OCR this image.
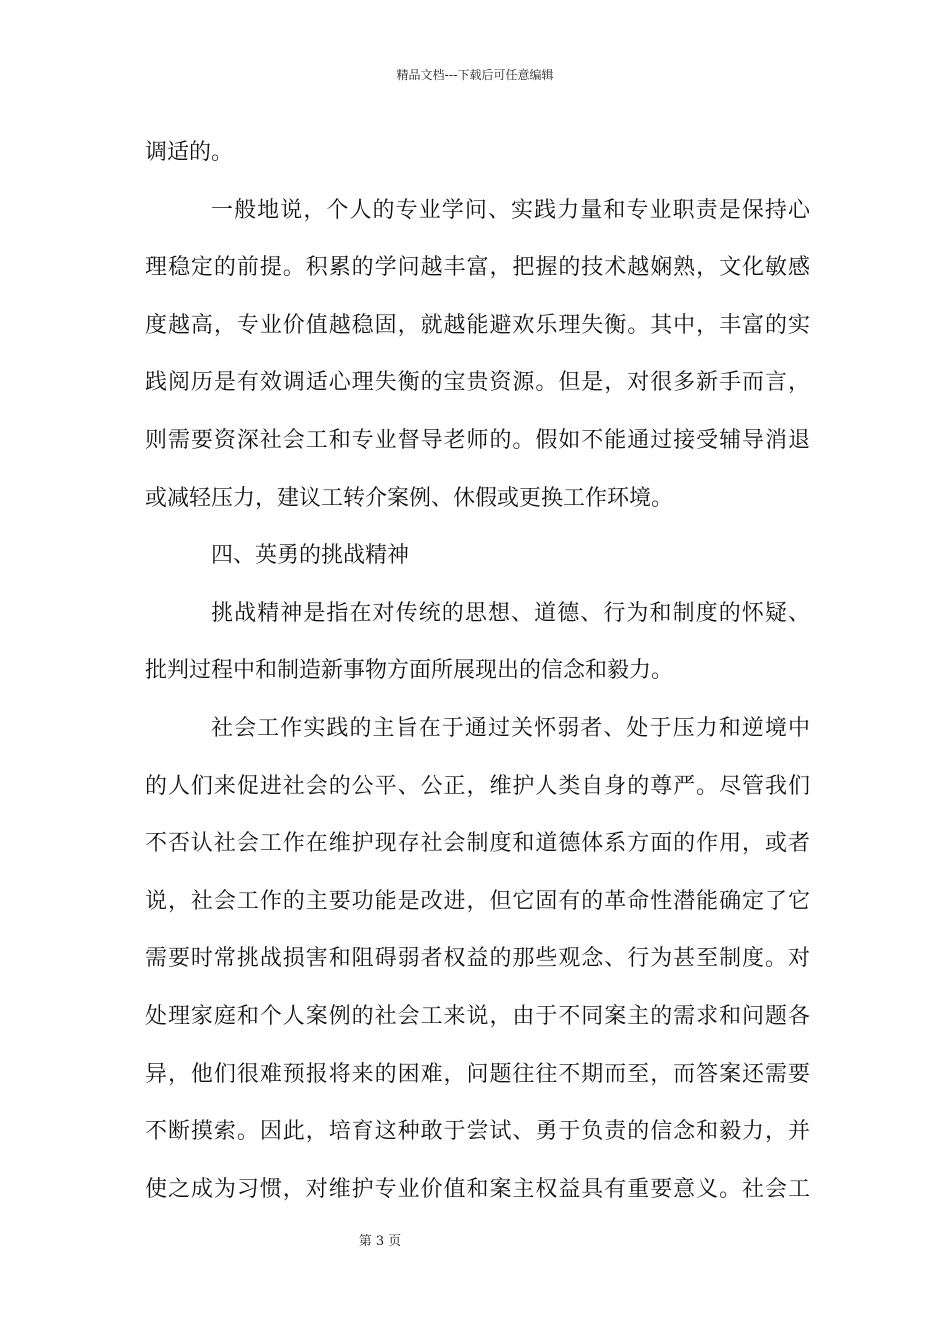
精品文档---下载后可任意编辑
调适的。
一般地说，个人的专业学问、实践力量和专业职责是保持心
理稳定的前提。积累的学问越丰富，把握的技术越娴熟，文化敏感
度越高，专业价值越稳固，就越能避欢乐理失衡。其中，丰富的实
践阅历是有效调适心理失衡的宝贵资源。但是，对很多新手而言，
则需要资深社会工和专业督导老师的。假如不能通过接受辅导消退
或减轻压力，建议工转介案例、休假或更换工作环境。
四、英勇的挑战精神
挑战精神是指在对传统的思想、道德、行为和制度的怀疑、
批判过程中和制造新事物方面所展现出的信念和毅力。
社会工作实践的主旨在于通过关怀弱者、处于压力和逆境中
的人们来促进社会的公平、公正，维护人类自身的尊严。尽管我们
不否认社会工作在维护现存社会制度和道德体系方面的作用，或者
说，社会工作的主要功能是改进，但它固有的革命性潜能确定了它
需要时常挑战损害和阻碍弱者权益的那些观念、行为甚至制度。对
处理家庭和个人案例的社会工来说，由于不同案主的需求和问题各
异，他们很难预报将来的困难，问题往往不期而至，而答案还需要
不断摸索。因此，培育这种敢于尝试、勇于负责的信念和毅力，并
使之成为习惯，对维护专业价值和案主权益具有重要意义。社会工
第 3 页
